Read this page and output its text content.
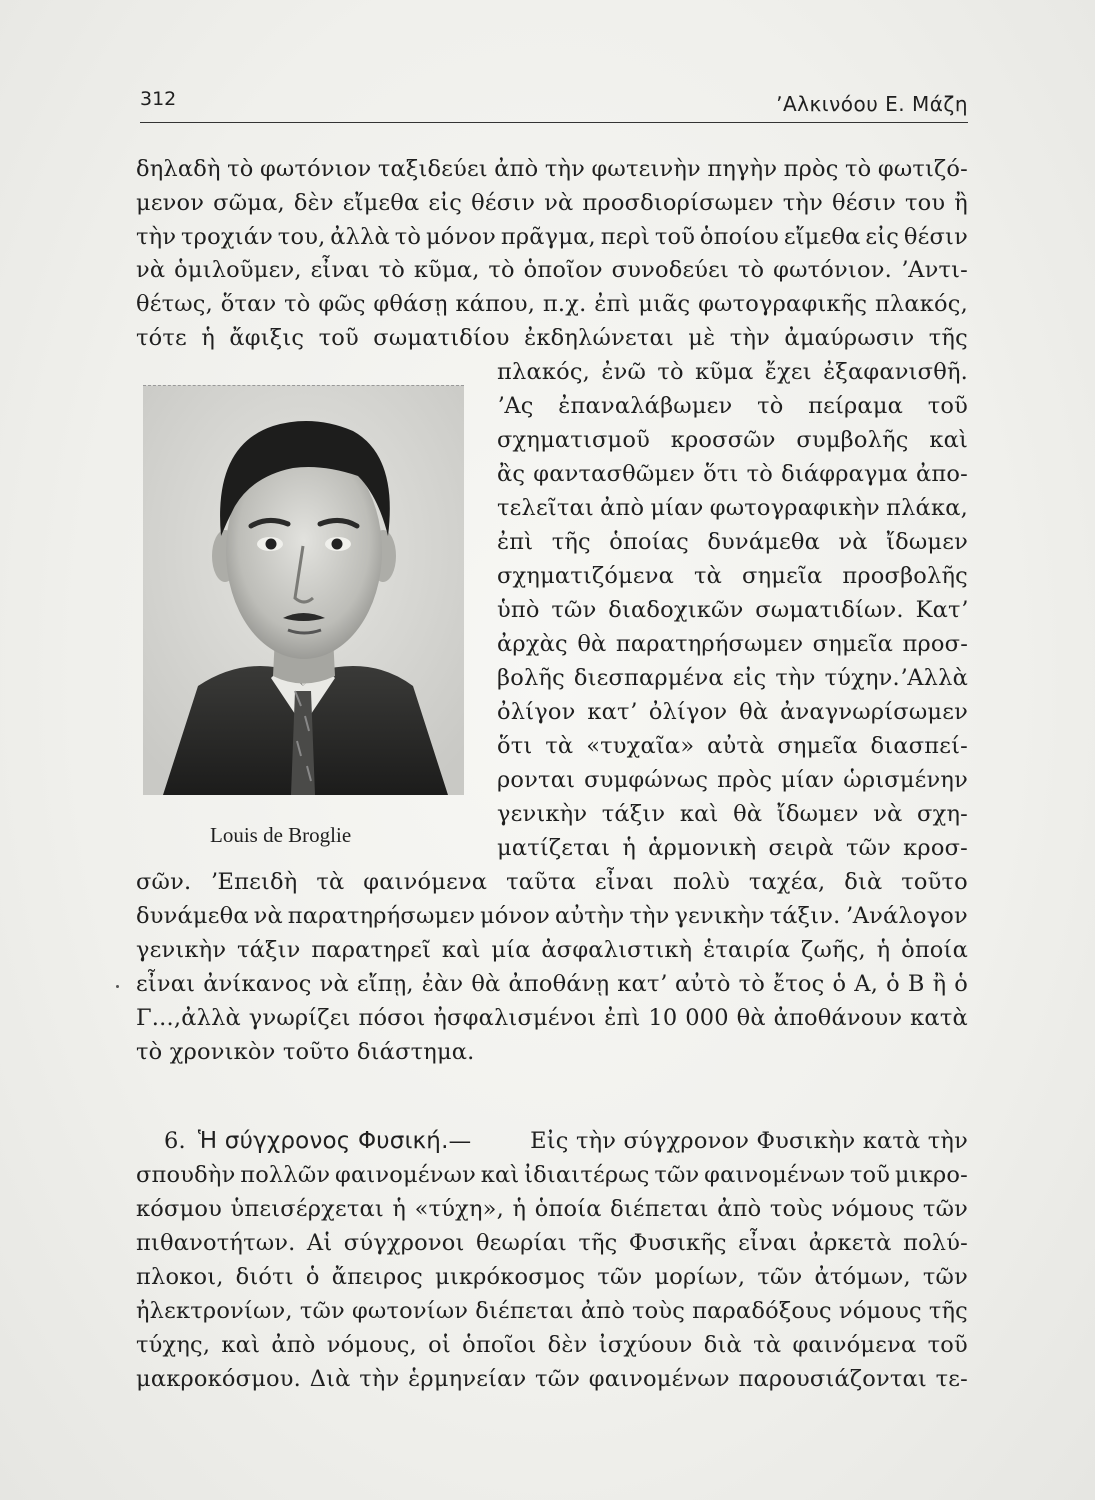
312	ʼΑλκινόου Ε. Μάζη
Louis de Broglie
δηλαδὴ τὸ φωτόνιον ταξιδεύει ἀπὸ τὴν φωτεινὴν πηγὴν πρὸς τὸ φωτιζό-
μενον σῶμα, δὲν εἴμεθα εἰς θέσιν νὰ προσδιορίσωμεν τὴν θέσιν του ἢ
τὴν τροχιάν του, ἀλλὰ τὸ μόνον πρᾶγμα, περὶ τοῦ ὁποίου εἴμεθα εἰς θέσιν
νὰ ὁμιλοῦμεν, εἶναι τὸ κῦμα, τὸ ὁποῖον συνοδεύει τὸ φωτόνιον. ʼΑντι-
θέτως, ὅταν τὸ φῶς φθάσῃ κάπου, π.χ. ἐπὶ μιᾶς φωτογραφικῆς πλακός,
τότε ἡ ἄφιξις τοῦ σωματιδίου ἐκδηλώνεται μὲ τὴν ἀμαύρωσιν τῆς
πλακός, ἐνῶ τὸ κῦμα ἔχει ἐξαφανισθῆ.
ʼΑς ἐπαναλάβωμεν τὸ πείραμα τοῦ
σχηματισμοῦ κροσσῶν συμβολῆς καὶ
ἂς φαντασθῶμεν ὅτι τὸ διάφραγμα ἀπο-
τελεῖται ἀπὸ μίαν φωτογραφικὴν πλάκα,
ἐπὶ τῆς ὁποίας δυνάμεθα νὰ ἴδωμεν
σχηματιζόμενα τὰ σημεῖα προσβολῆς
ὑπὸ τῶν διαδοχικῶν σωματιδίων. Κατʼ
ἀρχὰς θὰ παρατηρήσωμεν σημεῖα προσ-
βολῆς διεσπαρμένα εἰς τὴν τύχην.ʼΑλλὰ
ὀλίγον κατʼ ὀλίγον θὰ ἀναγνωρίσωμεν
ὅτι τὰ «τυχαῖα» αὐτὰ σημεῖα διασπεί-
ρονται συμφώνως πρὸς μίαν ὡρισμένην
γενικὴν τάξιν καὶ θὰ ἴδωμεν νὰ σχη-
ματίζεται ἡ ἁρμονικὴ σειρὰ τῶν κροσ-
σῶν. ʼΕπειδὴ τὰ φαινόμενα ταῦτα εἶναι πολὺ ταχέα, διὰ τοῦτο
δυνάμεθα νὰ παρατηρήσωμεν μόνον αὐτὴν τὴν γενικὴν τάξιν. ʼΑνάλογον
γενικὴν τάξιν παρατηρεῖ καὶ μία ἀσφαλιστικὴ ἑταιρία ζωῆς, ἡ ὁποία
εἶναι ἀνίκανος νὰ εἴπῃ, ἐὰν θὰ ἀποθάνῃ κατʼ αὐτὸ τὸ ἔτος ὁ Α, ὁ Β ἢ ὁ
Γ...,ἀλλὰ γνωρίζει πόσοι ἠσφαλισμένοι ἐπὶ 10 000 θὰ ἀποθάνουν κατὰ
τὸ χρονικὸν τοῦτο διάστημα.
6. Ἡ σύγχρονος Φυσική. —	Εἰς τὴν σύγχρονον Φυσικὴν κατὰ τὴν
σπουδὴν πολλῶν φαινομένων καὶ ἰδιαιτέρως τῶν φαινομένων τοῦ μικρο-
κόσμου ὑπεισέρχεται ἡ «τύχη», ἡ ὁποία διέπεται ἀπὸ τοὺς νόμους τῶν
πιθανοτήτων. Αἱ σύγχρονοι θεωρίαι τῆς Φυσικῆς εἶναι ἀρκετὰ πολύ-
πλοκοι, διότι ὁ ἄπειρος μικρόκοσμος τῶν μορίων, τῶν ἀτόμων, τῶν
ἠλεκτρονίων, τῶν φωτονίων διέπεται ἀπὸ τοὺς παραδόξους νόμους τῆς
τύχης, καὶ ἀπὸ νόμους, οἱ ὁποῖοι δὲν ἰσχύουν διὰ τὰ φαινόμενα τοῦ
μακροκόσμου. Διὰ τὴν ἑρμηνείαν τῶν φαινομένων παρουσιάζονται τε-
